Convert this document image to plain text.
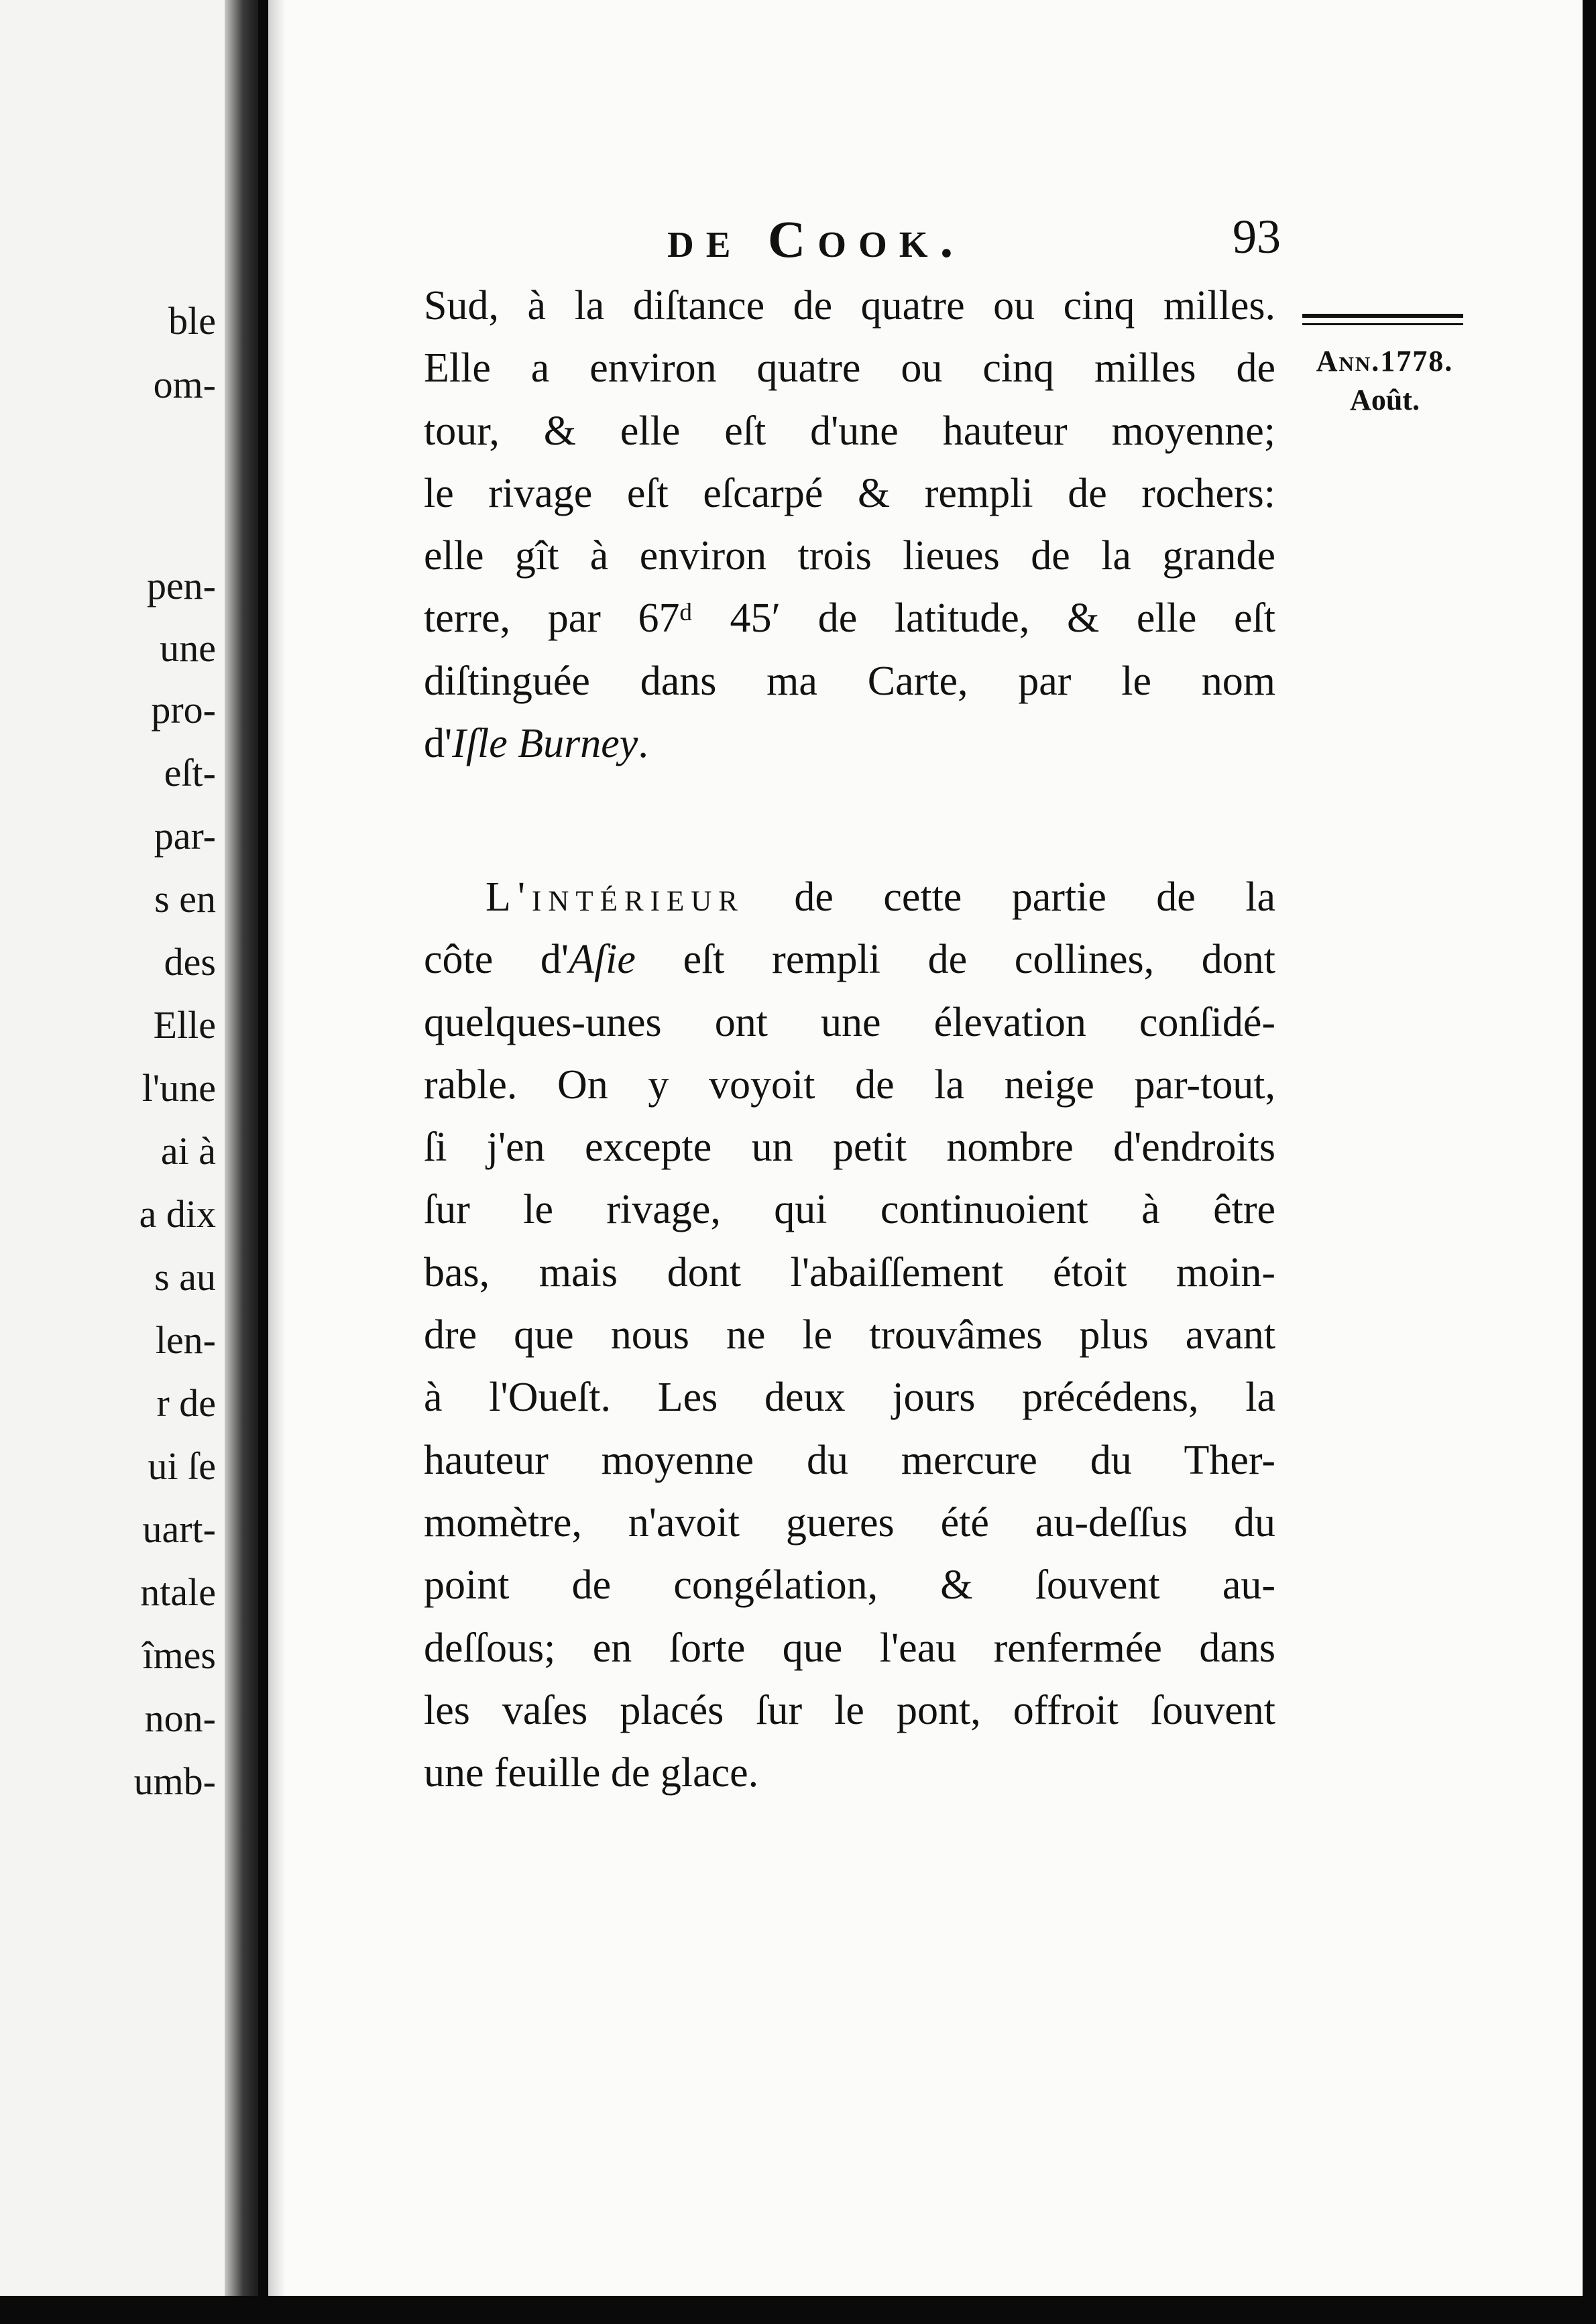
ble
om-
pen-
une
pro-
eſt-
par-
s en
des
Elle
l'une
ai à
a dix
s au
len-
r de
ui ſe
uart-
ntale
îmes
non-
umb-
de Cook.	93
Ann.1778.
Août.
Sud, à la diſtance de quatre ou cinq milles.
Elle a environ quatre ou cinq milles de
tour, & elle eſt d'une hauteur moyenne;
le rivage eſt eſcarpé & rempli de rochers:
elle gît à environ trois lieues de la grande
terre, par 67ᵈ 45′ de latitude, & elle eſt
diſtinguée dans ma Carte, par le nom
d'Iſle Burney.
L'intérieur de cette partie de la
côte d'Aſie eſt rempli de collines, dont
quelques-unes ont une élevation conſidé-
rable. On y voyoit de la neige par-tout,
ſi j'en excepte un petit nombre d'endroits
ſur le rivage, qui continuoient à être
bas, mais dont l'abaiſſement étoit moin-
dre que nous ne le trouvâmes plus avant
à l'Oueſt. Les deux jours précédens, la
hauteur moyenne du mercure du Ther-
momètre, n'avoit gueres été au-deſſus du
point de congélation, & ſouvent au-
deſſous; en ſorte que l'eau renfermée dans
les vaſes placés ſur le pont, offroit ſouvent
une feuille de glace.
